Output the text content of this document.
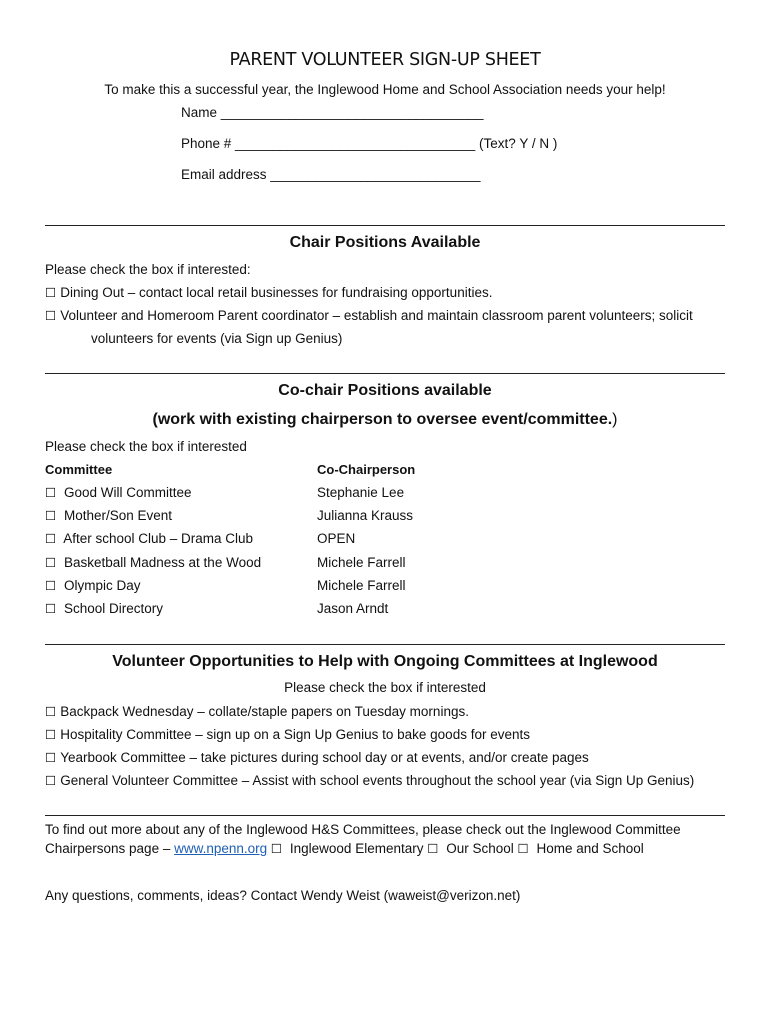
PARENT VOLUNTEER SIGN-UP SHEET
To make this a successful year, the Inglewood Home and School Association needs your help!
Name ___________________________________
Phone # ________________________________ (Text? Y / N )
Email address ____________________________
Chair Positions Available
Please check the box if interested:
☐ Dining Out – contact local retail businesses for fundraising opportunities.
☐ Volunteer and Homeroom Parent coordinator – establish and maintain classroom parent volunteers; solicit
volunteers for events (via Sign up Genius)
Co-chair Positions available
(work with existing chairperson to oversee event/committee.)
Please check the box if interested
Committee	Co-Chairperson
☐ Good Will Committee	Stephanie Lee
☐ Mother/Son Event	Julianna Krauss
☐ After school Club – Drama Club	OPEN
☐ Basketball Madness at the Wood	Michele Farrell
☐ Olympic Day	Michele Farrell
☐ School Directory	Jason Arndt
Volunteer Opportunities to Help with Ongoing Committees at Inglewood
Please check the box if interested
☐ Backpack Wednesday – collate/staple papers on Tuesday mornings.
☐ Hospitality Committee – sign up on a Sign Up Genius to bake goods for events
☐ Yearbook Committee – take pictures during school day or at events, and/or create pages
☐ General Volunteer Committee – Assist with school events throughout the school year (via Sign Up Genius)
To find out more about any of the Inglewood H&S Committees, please check out the Inglewood Committee
Chairpersons page – www.npenn.org ☐ Inglewood Elementary ☐ Our School ☐ Home and School
Any questions, comments, ideas? Contact Wendy Weist (waweist@verizon.net)
